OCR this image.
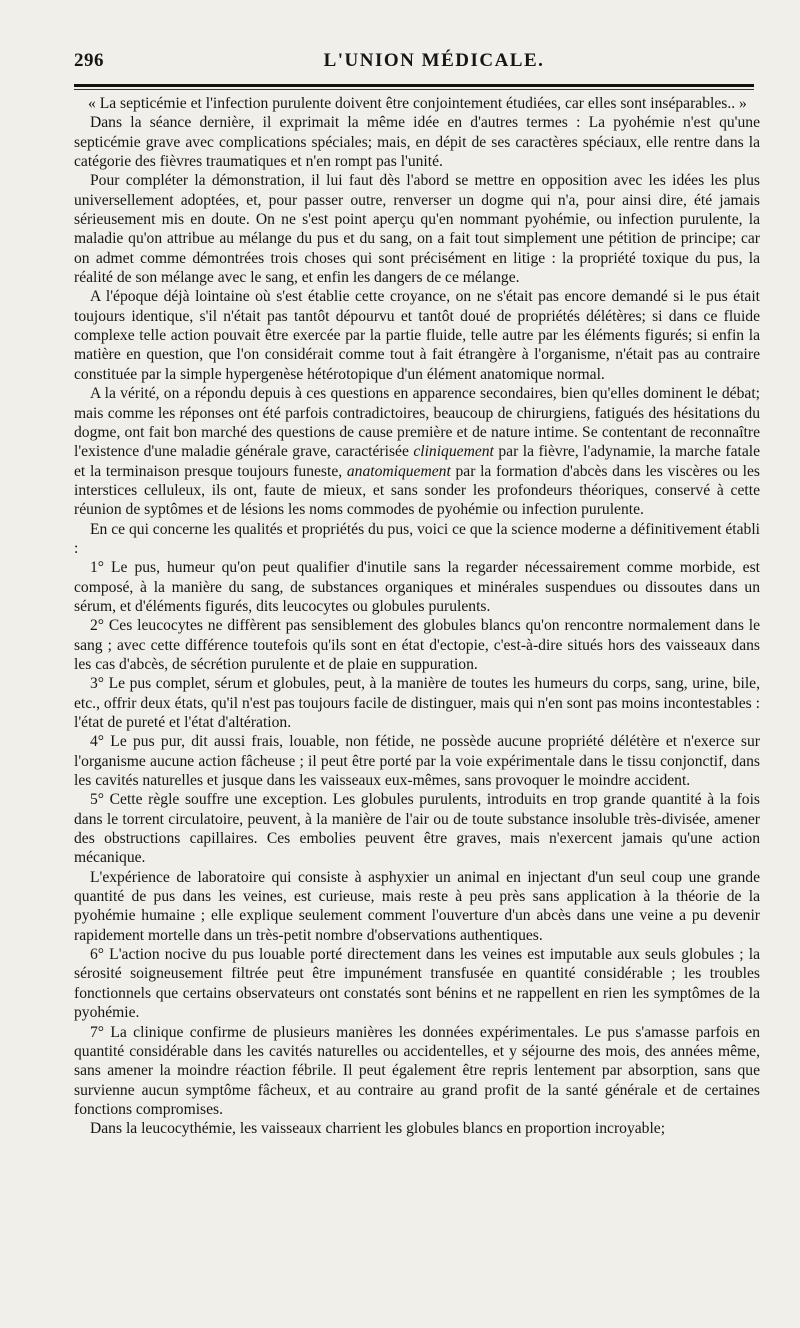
296	L'UNION MÉDICALE.

« La septicémie et l'infection purulente doivent être conjointement étudiées, car elles sont inséparables.. »

Dans la séance dernière, il exprimait la même idée en d'autres termes : La pyohémie n'est qu'une septicémie grave avec complications spéciales; mais, en dépit de ses caractères spéciaux, elle rentre dans la catégorie des fièvres traumatiques et n'en rompt pas l'unité.

Pour compléter la démonstration, il lui faut dès l'abord se mettre en opposition avec les idées les plus universellement adoptées, et, pour passer outre, renverser un dogme qui n'a, pour ainsi dire, été jamais sérieusement mis en doute. On ne s'est point aperçu qu'en nommant pyohémie, ou infection purulente, la maladie qu'on attribue au mélange du pus et du sang, on a fait tout simplement une pétition de principe; car on admet comme démontrées trois choses qui sont précisément en litige : la propriété toxique du pus, la réalité de son mélange avec le sang, et enfin les dangers de ce mélange.

A l'époque déjà lointaine où s'est établie cette croyance, on ne s'était pas encore demandé si le pus était toujours identique, s'il n'était pas tantôt dépourvu et tantôt doué de propriétés délétères; si dans ce fluide complexe telle action pouvait être exercée par la partie fluide, telle autre par les éléments figurés; si enfin la matière en question, que l'on considérait comme tout à fait étrangère à l'organisme, n'était pas au contraire constituée par la simple hypergenèse hétérotopique d'un élément anatomique normal.

A la vérité, on a répondu depuis à ces questions en apparence secondaires, bien qu'elles dominent le débat; mais comme les réponses ont été parfois contradictoires, beaucoup de chirurgiens, fatigués des hésitations du dogme, ont fait bon marché des questions de cause première et de nature intime. Se contentant de reconnaître l'existence d'une maladie générale grave, caractérisée cliniquement par la fièvre, l'adynamie, la marche fatale et la terminaison presque toujours funeste, anatomiquement par la formation d'abcès dans les viscères ou les interstices celluleux, ils ont, faute de mieux, et sans sonder les profondeurs théoriques, conservé à cette réunion de syptômes et de lésions les noms commodes de pyohémie ou infection purulente.

En ce qui concerne les qualités et propriétés du pus, voici ce que la science moderne a définitivement établi :

1° Le pus, humeur qu'on peut qualifier d'inutile sans la regarder nécessairement comme morbide, est composé, à la manière du sang, de substances organiques et minérales suspendues ou dissoutes dans un sérum, et d'éléments figurés, dits leucocytes ou globules purulents.

2° Ces leucocytes ne diffèrent pas sensiblement des globules blancs qu'on rencontre normalement dans le sang ; avec cette différence toutefois qu'ils sont en état d'ectopie, c'est-à-dire situés hors des vaisseaux dans les cas d'abcès, de sécrétion purulente et de plaie en suppuration.

3° Le pus complet, sérum et globules, peut, à la manière de toutes les humeurs du corps, sang, urine, bile, etc., offrir deux états, qu'il n'est pas toujours facile de distinguer, mais qui n'en sont pas moins incontestables : l'état de pureté et l'état d'altération.

4° Le pus pur, dit aussi frais, louable, non fétide, ne possède aucune propriété délétère et n'exerce sur l'organisme aucune action fâcheuse ; il peut être porté par la voie expérimentale dans le tissu conjonctif, dans les cavités naturelles et jusque dans les vaisseaux eux-mêmes, sans provoquer le moindre accident.

5° Cette règle souffre une exception. Les globules purulents, introduits en trop grande quantité à la fois dans le torrent circulatoire, peuvent, à la manière de l'air ou de toute substance insoluble très-divisée, amener des obstructions capillaires. Ces embolies peuvent être graves, mais n'exercent jamais qu'une action mécanique.

L'expérience de laboratoire qui consiste à asphyxier un animal en injectant d'un seul coup une grande quantité de pus dans les veines, est curieuse, mais reste à peu près sans application à la théorie de la pyohémie humaine ; elle explique seulement comment l'ouverture d'un abcès dans une veine a pu devenir rapidement mortelle dans un très-petit nombre d'observations authentiques.

6° L'action nocive du pus louable porté directement dans les veines est imputable aux seuls globules ; la sérosité soigneusement filtrée peut être impunément transfusée en quantité considérable ; les troubles fonctionnels que certains observateurs ont constatés sont bénins et ne rappellent en rien les symptômes de la pyohémie.

7° La clinique confirme de plusieurs manières les données expérimentales. Le pus s'amasse parfois en quantité considérable dans les cavités naturelles ou accidentelles, et y séjourne des mois, des années même, sans amener la moindre réaction fébrile. Il peut également être repris lentement par absorption, sans que survienne aucun symptôme fâcheux, et au contraire au grand profit de la santé générale et de certaines fonctions compromises.

Dans la leucocythémie, les vaisseaux charrient les globules blancs en proportion incroyable;
